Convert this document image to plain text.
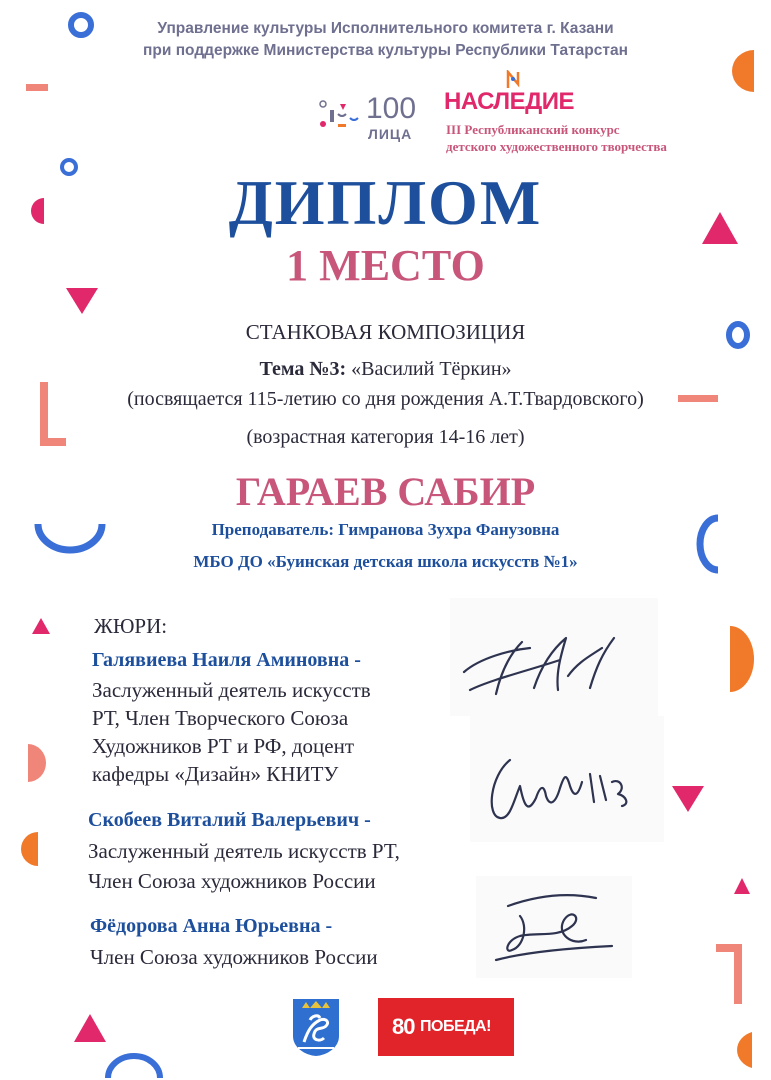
Управление культуры Исполнительного комитета г. Казани
при поддержке Министерства культуры Республики Татарстан
100
ЛИЦА
НАСЛЕДИЕ
III Республиканский конкурс
детского художественного творчества
ДИПЛОМ
1 МЕСТО
СТАНКОВАЯ КОМПОЗИЦИЯ
Тема №3: «Василий Тёркин»
(посвящается 115-летию со дня рождения А.Т.Твардовского)
(возрастная категория 14-16 лет)
ГАРАЕВ САБИР
Преподаватель: Гимранова Зухра Фанузовна
МБО ДО «Буинская детская школа искусств №1»
ЖЮРИ:
Галявиева Наиля Аминовна -
Заслуженный деятель искусств
РТ, Член Творческого Союза
Художников РТ и РФ, доцент
кафедры «Дизайн» КНИТУ
Скобеев Виталий Валерьевич -
Заслуженный деятель искусств РТ,
Член Союза художников России
Фёдорова Анна Юрьевна -
Член Союза художников России
80 ПОБЕДА!
